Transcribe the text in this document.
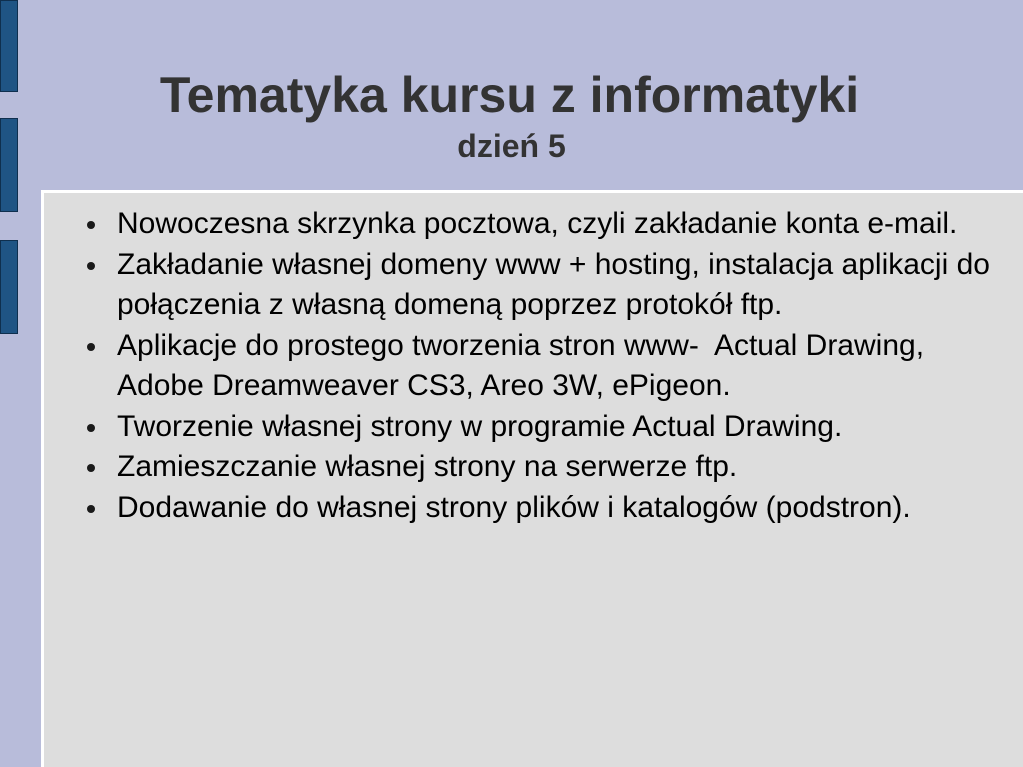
Tematyka kursu z informatyki
dzień 5
Nowoczesna skrzynka pocztowa, czyli zakładanie konta e-mail.
Zakładanie własnej domeny www + hosting, instalacja aplikacji do połączenia z własną domeną poprzez protokół ftp.
Aplikacje do prostego tworzenia stron www-  Actual Drawing, Adobe Dreamweaver CS3, Areo 3W, ePigeon.
Tworzenie własnej strony w programie Actual Drawing.
Zamieszczanie własnej strony na serwerze ftp.
Dodawanie do własnej strony plików i katalogów (podstron).
